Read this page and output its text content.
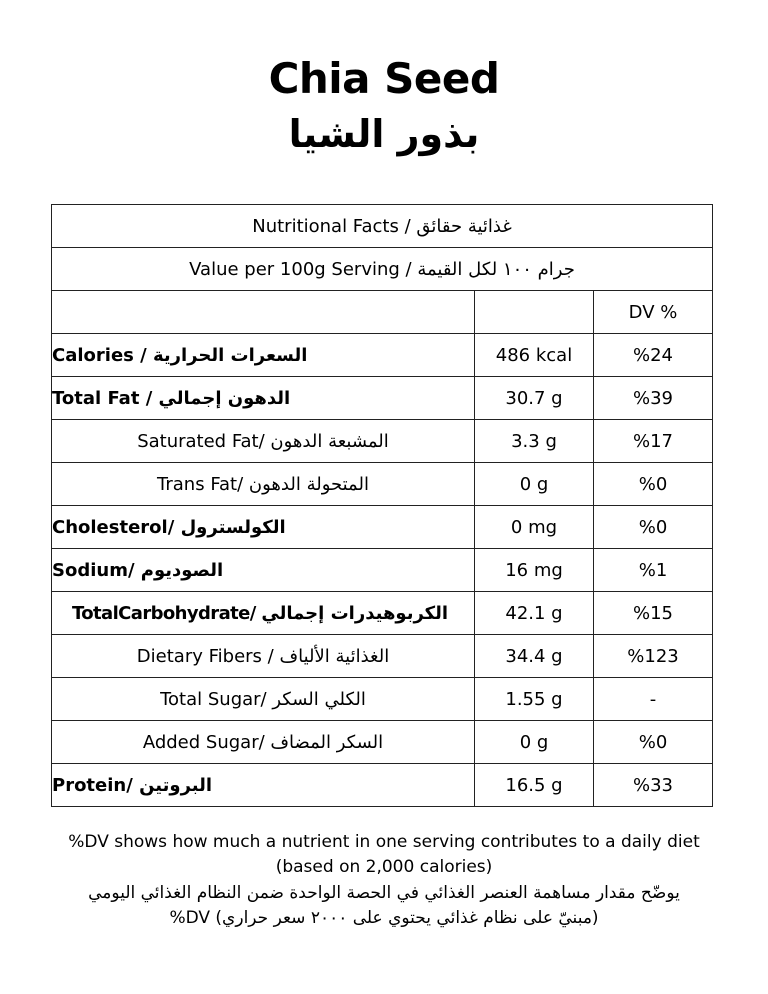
Chia Seed
بذور الشيا
Nutritional Facts / غذائية حقائق		
Value per 100g Serving / جرام ١٠٠ لكل القيمة		
		DV %
Calories / السعرات الحرارية	486 kcal	%24
Total Fat / الدهون إجمالي	30.7 g	%39
Saturated Fat/ المشبعة الدهون	3.3 g	%17
Trans Fat/ المتحولة الدهون	0 g	%0
Cholesterol/ الكولسترول	0 mg	%0
Sodium/ الصوديوم	16 mg	%1
TotalCarbohydrate/ الكربوهيدرات إجمالي	42.1 g	%15
Dietary Fibers / الغذائية الألياف	34.4 g	%123
Total Sugar/ الكلي السكر	1.55 g	-
Added Sugar/ السكر المضاف	0 g	%0
Protein/ البروتين	16.5 g	%33
%DV shows how much a nutrient in one serving contributes to a daily diet
(based on 2,000 calories)
يوضّح مقدار مساهمة العنصر الغذائي في الحصة الواحدة ضمن النظام الغذائي اليومي
(مبنيّ على نظام غذائي يحتوي على ٢٠٠٠ سعر حراري) DV%
